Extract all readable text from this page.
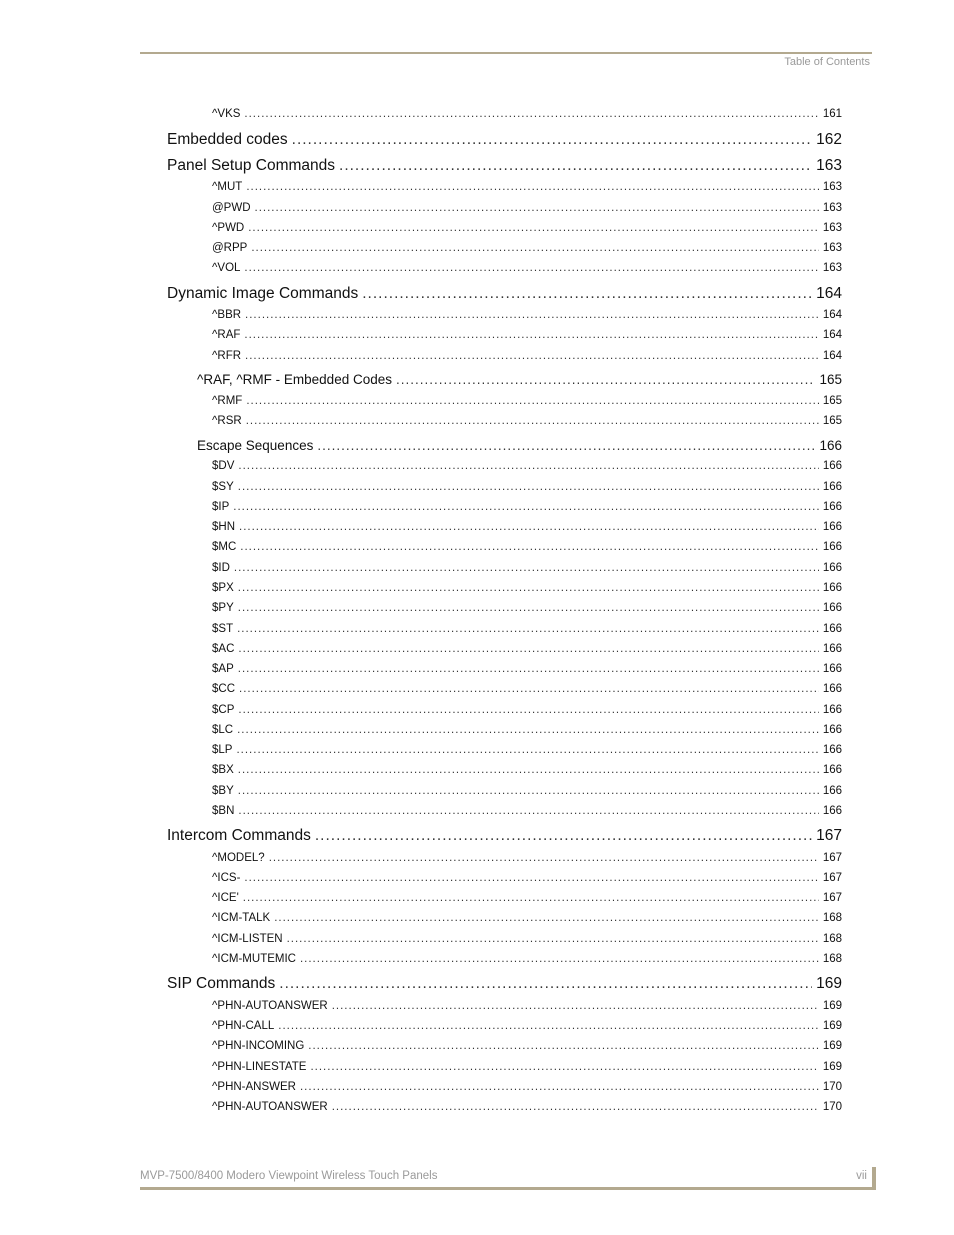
Table of Contents
^VKS .....	161
Embedded codes .....	162
Panel Setup Commands .....	163
^MUT .....	163
@PWD .....	163
^PWD .....	163
@RPP .....	163
^VOL .....	163
Dynamic Image Commands .....	164
^BBR .....	164
^RAF .....	164
^RFR .....	164
^RAF, ^RMF - Embedded Codes .....	165
^RMF .....	165
^RSR .....	165
Escape Sequences .....	166
$DV .....	166
$SY .....	166
$IP .....	166
$HN .....	166
$MC .....	166
$ID .....	166
$PX .....	166
$PY .....	166
$ST .....	166
$AC .....	166
$AP .....	166
$CC .....	166
$CP .....	166
$LC .....	166
$LP .....	166
$BX .....	166
$BY .....	166
$BN .....	166
Intercom Commands .....	167
^MODEL? .....	167
^ICS- .....	167
^ICE' .....	167
^ICM-TALK .....	168
^ICM-LISTEN .....	168
^ICM-MUTEMIC .....	168
SIP Commands .....	169
^PHN-AUTOANSWER .....	169
^PHN-CALL .....	169
^PHN-INCOMING .....	169
^PHN-LINESTATE .....	169
^PHN-ANSWER .....	170
^PHN-AUTOANSWER .....	170
MVP-7500/8400 Modero Viewpoint Wireless Touch Panels	vii
